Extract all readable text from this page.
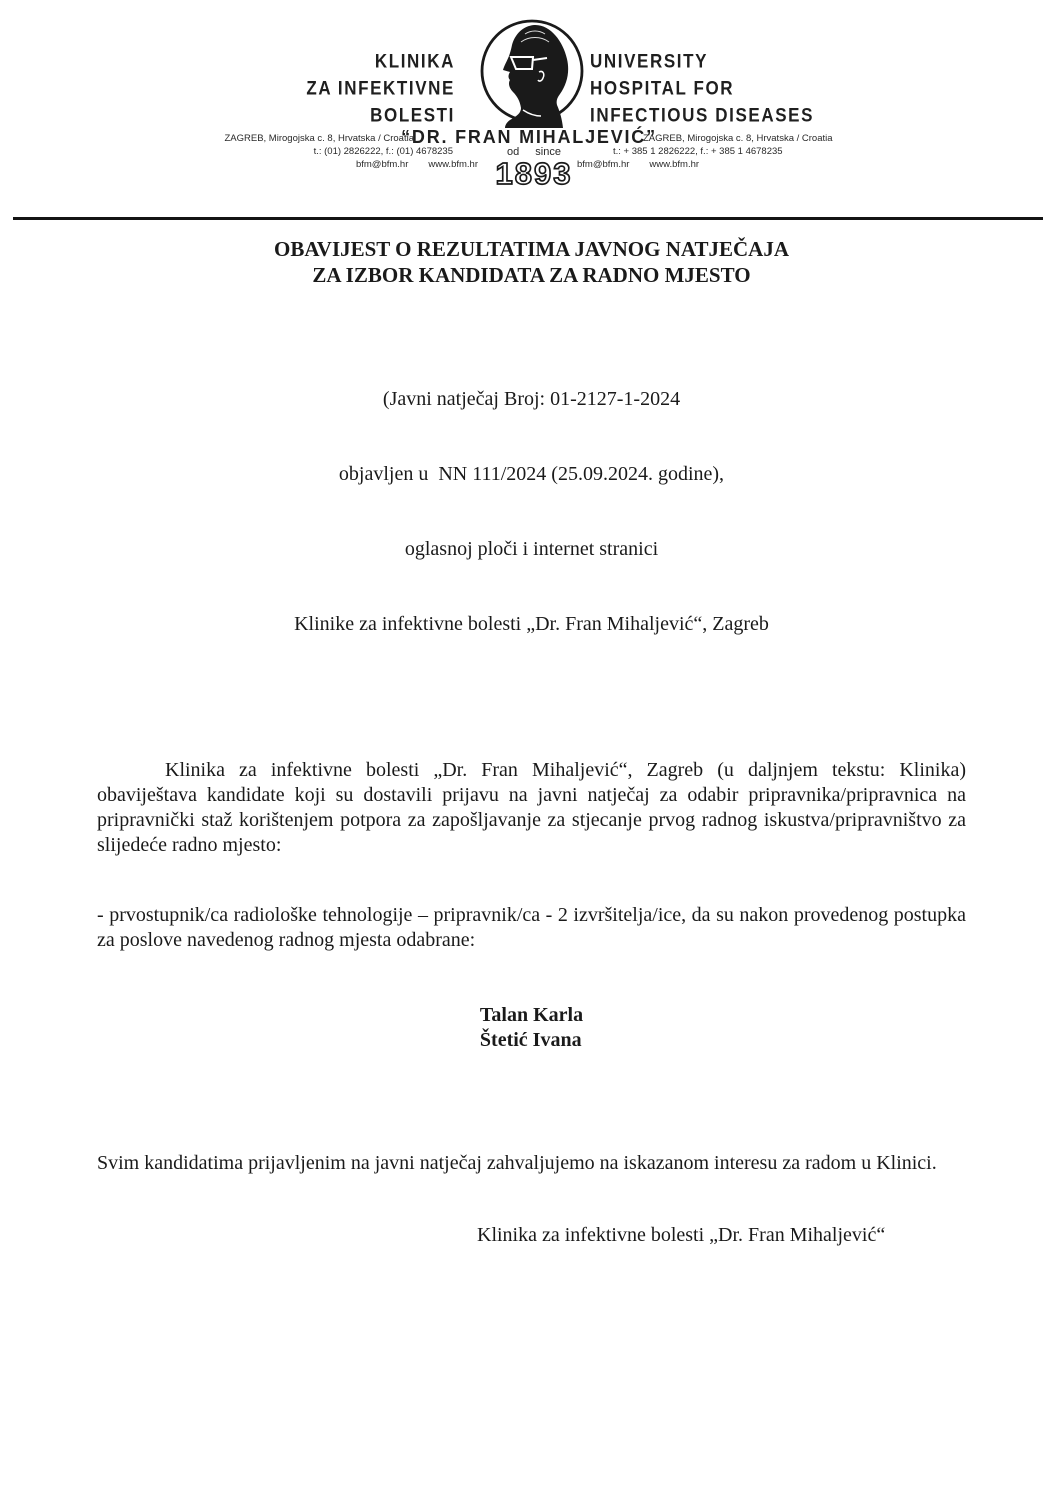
KLINIKA
ZA INFEKTIVNE
BOLESTI
UNIVERSITY
HOSPITAL FOR
INFECTIOUS DISEASES
“DR. FRAN MIHALJEVIĆ”
ZAGREB, Mirogojska c. 8, Hrvatska / Croatia
t.: (01) 2826222, f.: (01) 4678235
bfm@bfm.hr www.bfm.hr
ZAGREB, Mirogojska c. 8, Hrvatska / Croatia
t.: + 385 1 2826222, f.: + 385 1 4678235
bfm@bfm.hr www.bfm.hr
od since
1893
OBAVIJEST O REZULTATIMA JAVNOG NATJEČAJA
ZA IZBOR KANDIDATA ZA RADNO MJESTO

(Javni natječaj Broj: 01-2127-1-2024

objavljen u  NN 111/2024 (25.09.2024. godine),

oglasnoj ploči i internet stranici

Klinike za infektivne bolesti „Dr. Fran Mihaljević“, Zagreb

Klinika za infektivne bolesti „Dr. Fran Mihaljević“, Zagreb (u daljnjem tekstu: Klinika) obaviještava kandidate koji su dostavili prijavu na javni natječaj za odabir pripravnika/pripravnica na pripravnički staž korištenjem potpora za zapošljavanje za stjecanje prvog radnog iskustva/pripravništvo za slijedeće radno mjesto:

- prvostupnik/ca radiološke tehnologije – pripravnik/ca - 2 izvršitelja/ice, da su nakon provedenog postupka za poslove navedenog radnog mjesta odabrane:

Talan Karla
Štetić Ivana

Svim kandidatima prijavljenim na javni natječaj zahvaljujemo na iskazanom interesu za radom u Klinici.

Klinika za infektivne bolesti „Dr. Fran Mihaljević“
